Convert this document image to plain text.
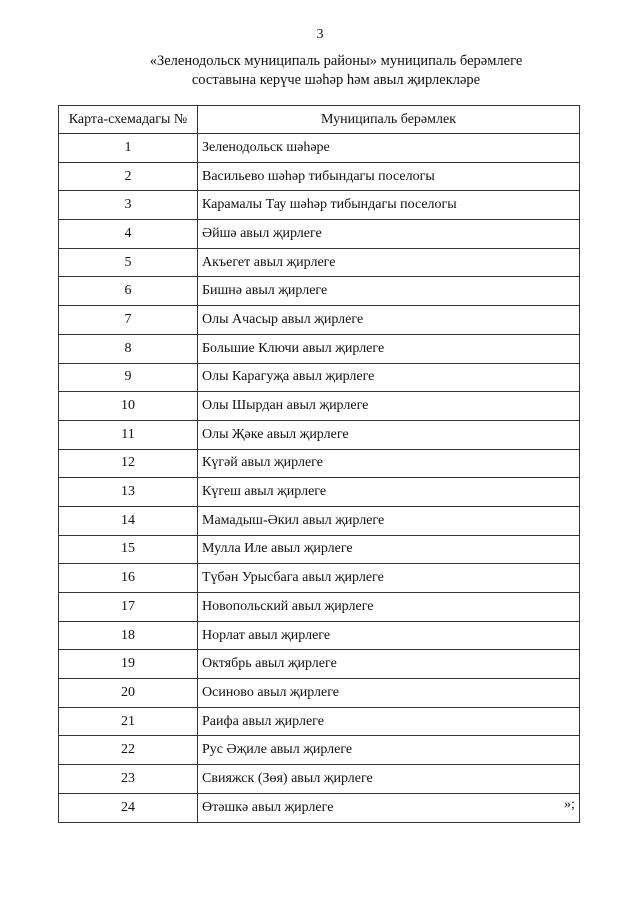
3
«Зеленодольск муниципаль районы» муниципаль берәмлеге
составына керүче шәһәр һәм авыл җирлекләре
Карта-схемадагы №	Муниципаль берәмлек
1	Зеленодольск шәһәре
2	Васильево шәһәр тибындагы поселогы
3	Карамалы Тау шәһәр тибындагы поселогы
4	Әйшә авыл җирлеге
5	Акъегет авыл җирлеге
6	Бишнә авыл җирлеге
7	Олы Ачасыр авыл җирлеге
8	Большие Ключи авыл җирлеге
9	Олы Карагуҗа авыл җирлеге
10	Олы Шырдан авыл җирлеге
11	Олы Җәке авыл җирлеге
12	Күгәй авыл җирлеге
13	Күгеш авыл җирлеге
14	Мамадыш-Әкил авыл җирлеге
15	Мулла Иле авыл җирлеге
16	Түбән Урысбага авыл җирлеге
17	Новопольский авыл җирлеге
18	Норлат авыл җирлеге
19	Октябрь авыл җирлеге
20	Осиново авыл җирлеге
21	Раифа авыл җирлеге
22	Рус Әҗиле авыл җирлеге
23	Свияжск (Зөя) авыл җирлеге
24	Өтәшкә авыл җирлеге	»;
